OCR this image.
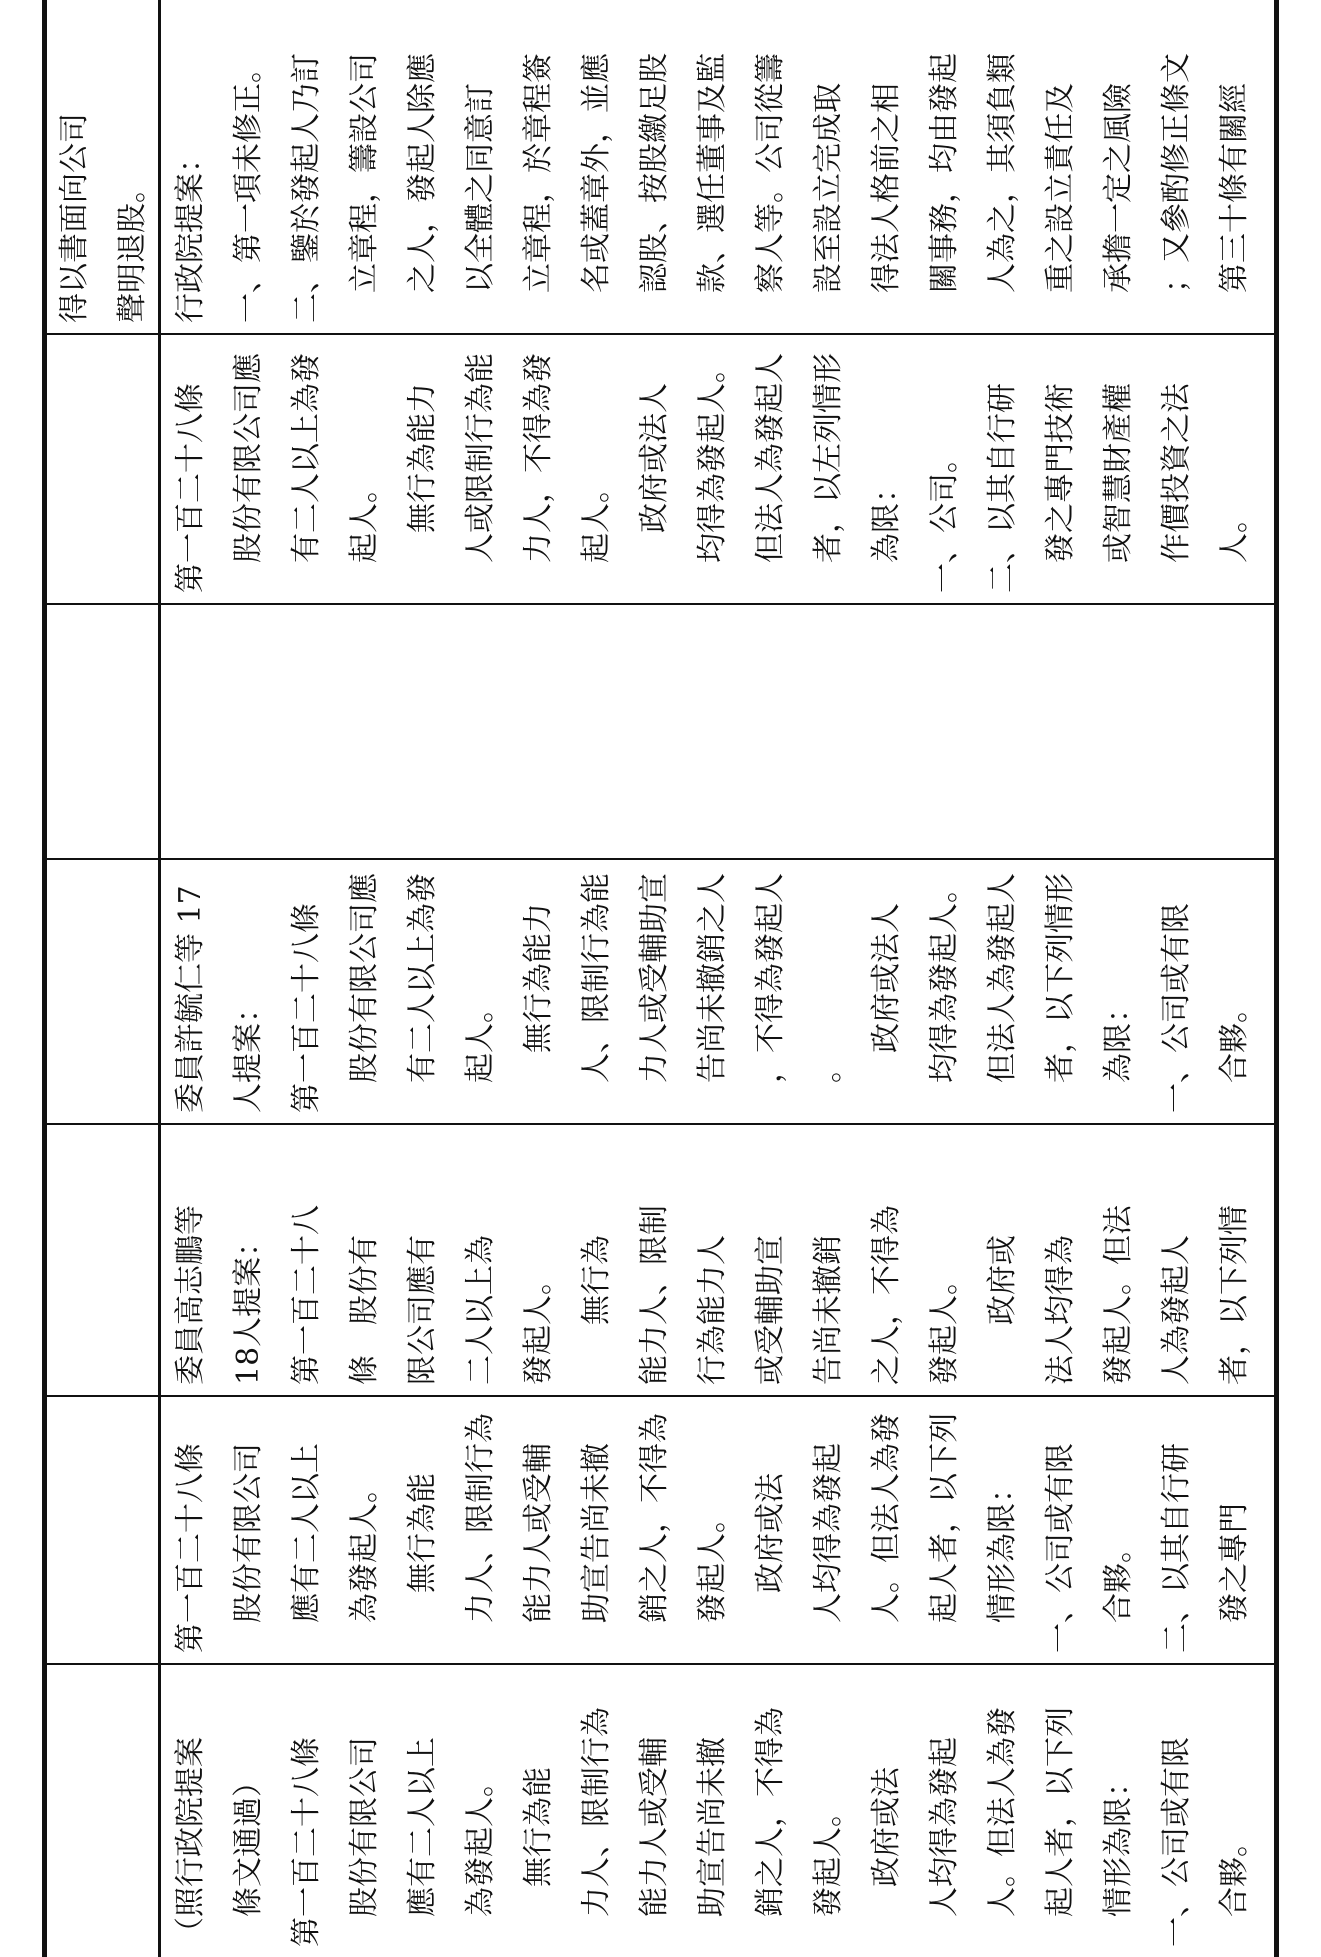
（照行政院提案 　條文通過） 第一百二十八條 　股份有限公司 　應有二人以上 　為發起人。 　　無行為能 　力人、限制行為 　能力人或受輔 　助宣告尚未撤 　銷之人，不得為 　發起人。 　　政府或法 　人均得為發起 　人。但法人為發 　起人者，以下列 　情形為限： 一、公司或有限 　合夥。
第一百二十八條 　股份有限公司 　應有二人以上 　為發起人。 　　無行為能 　力人、限制行為 　能力人或受輔 　助宣告尚未撤 　銷之人，不得為 　發起人。 　　政府或法 　人均得為發起 　人。但法人為發 　起人者，以下列 　情形為限： 一、公司或有限 　合夥。 二、以其自行研 　發之專門
委員高志鵬等 18人提案： 第一百二十八 條　股份有 限公司應有 二人以上為 發起人。 　　無行為 能力人、限制 行為能力人 或受輔助宣 告尚未撤銷 之人，不得為 發起人。 　　政府或 法人均得為 發起人。但法 人為發起人 者，以下列情
委員許毓仁等 17 人提案： 第一百二十八條 　股份有限公司應 　有二人以上為發 　起人。 　　無行為能力 　人、限制行為能 　力人或受輔助宣 　告尚未撤銷之人 　，不得為發起人 　。 　　政府或法人 　均得為發起人。 　但法人為發起人 　者，以下列情形 　為限： 一、公司或有限 　合夥。
第一百二十八條 　股份有限公司應 　有二人以上為發 　起人。 　　無行為能力 　人或限制行為能 　力人，不得為發 　起人。 　　政府或法人 　均得為發起人。 　但法人為發起人 　者，以左列情形 　為限： 一、公司。 二、以其自行研 　發之專門技術 　或智慧財產權 　作價投資之法 　人。
得以書面向公司 聲明退股。 行政院提案： 一、第一項未修正。 二、鑒於發起人乃訂 　立章程，籌設公司 　之人，發起人除應 　以全體之同意訂 　立章程，於章程簽 　名或蓋章外，並應 　認股、按股繳足股 　款、選任董事及監 　察人等。公司從籌 　設至設立完成取 　得法人格前之相 　關事務，均由發起 　人為之，其須負類 　重之設立責任及 　承擔一定之風險 　；又參酌修正條文 　第三十條有關經
